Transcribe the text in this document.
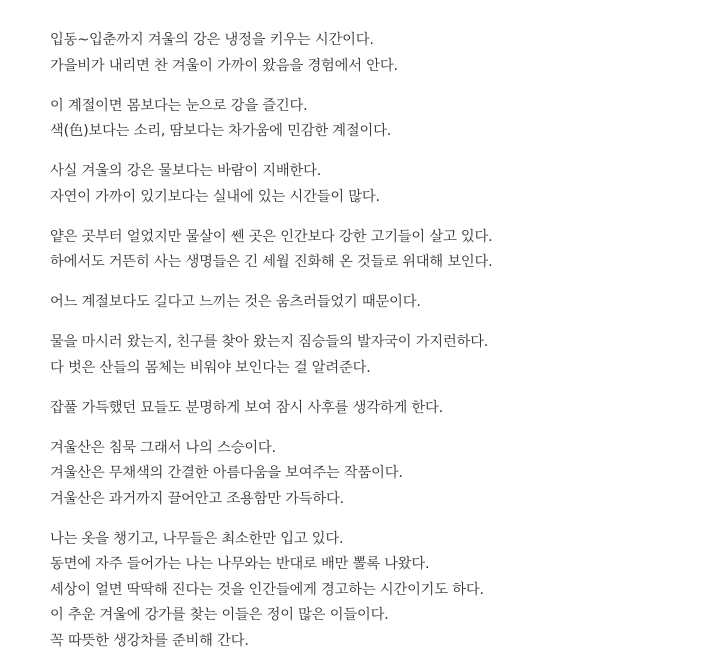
입동~입춘까지 겨울의 강은 냉정을 키우는 시간이다.
가을비가 내리면 찬 겨울이 가까이 왔음을 경험에서 안다.
이 계절이면 몸보다는 눈으로 강을 즐긴다.
색(色)보다는 소리, 땀보다는 차가움에 민감한 계절이다.
사실 겨울의 강은 물보다는 바람이 지배한다.
자연이 가까이 있기보다는 실내에 있는 시간들이 많다.
얕은 곳부터 얼었지만 물살이 쎈 곳은 인간보다 강한 고기들이 살고 있다.
하에서도 거뜬히 사는 생명들은 긴 세월 진화해 온 것들로 위대해 보인다.
어느 계절보다도 길다고 느끼는 것은 움츠러들었기 때문이다.
물을 마시러 왔는지, 친구를 찾아 왔는지 짐승들의 발자국이 가지런하다.
다 벗은 산들의 몸체는 비워야 보인다는 걸 알려준다.
잡풀 가득했던 묘들도 분명하게 보여 잠시 사후를 생각하게 한다.
겨울산은 침묵 그래서 나의 스승이다.
겨울산은 무채색의 간결한 아름다움을 보여주는 작품이다.
겨울산은 과거까지 끌어안고 조용함만 가득하다.
나는 옷을 챙기고, 나무들은 최소한만 입고 있다.
동면에 자주 들어가는 나는 나무와는 반대로 배만 뽈록 나왔다.
세상이 얼면 딱딱해 진다는 것을 인간들에게 경고하는 시간이기도 하다.
이 추운 겨울에 강가를 찾는 이들은 정이 많은 이들이다.
꼭 따뜻한 생강차를 준비해 간다.
